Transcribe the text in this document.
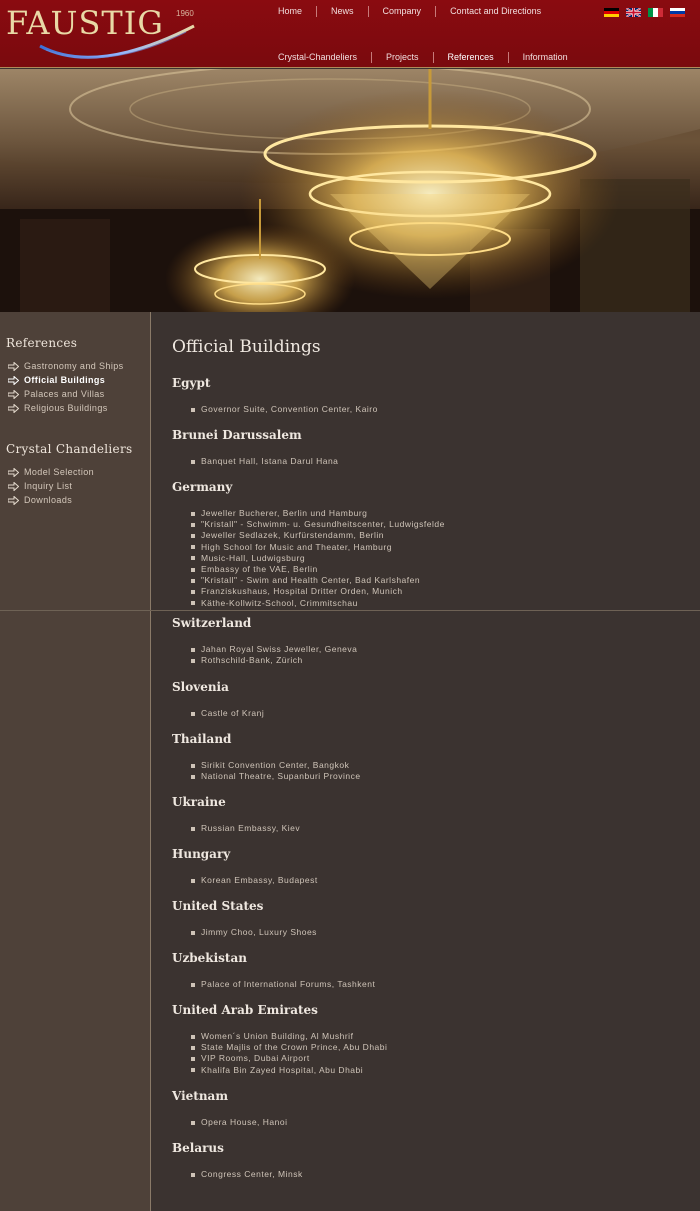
FAUSTIG 1960	Home	News	Company	Contact and Directions
Crystal-Chandeliers	Projects	References	Information
References
Gastronomy and Ships
Official Buildings
Palaces and Villas
Religious Buildings
Crystal Chandeliers
Model Selection
Inquiry List
Downloads
Official Buildings
Egypt
Governor Suite, Convention Center, Kairo
Brunei Darussalem
Banquet Hall, Istana Darul Hana
Germany
Jeweller Bucherer, Berlin und Hamburg
"Kristall" - Schwimm- u. Gesundheitscenter, Ludwigsfelde
Jeweller Sedlazek, Kurfürstendamm, Berlin
High School for Music and Theater, Hamburg
Music-Hall, Ludwigsburg
Embassy of the VAE, Berlin
"Kristall" - Swim and Health Center, Bad Karlshafen
Franziskushaus, Hospital Dritter Orden, Munich
Käthe-Kollwitz-School, Crimmitschau
Switzerland
Jahan Royal Swiss Jeweller, Geneva
Rothschild-Bank, Zürich
Slovenia
Castle of Kranj
Thailand
Sirikit Convention Center, Bangkok
National Theatre, Supanburi Province
Ukraine
Russian Embassy, Kiev
Hungary
Korean Embassy, Budapest
United States
Jimmy Choo, Luxury Shoes
Uzbekistan
Palace of International Forums, Tashkent
United Arab Emirates
Women´s Union Building, Al Mushrif
State Majlis of the Crown Prince, Abu Dhabi
VIP Rooms, Dubai Airport
Khalifa Bin Zayed Hospital, Abu Dhabi
Vietnam
Opera House, Hanoi
Belarus
Congress Center, Minsk
